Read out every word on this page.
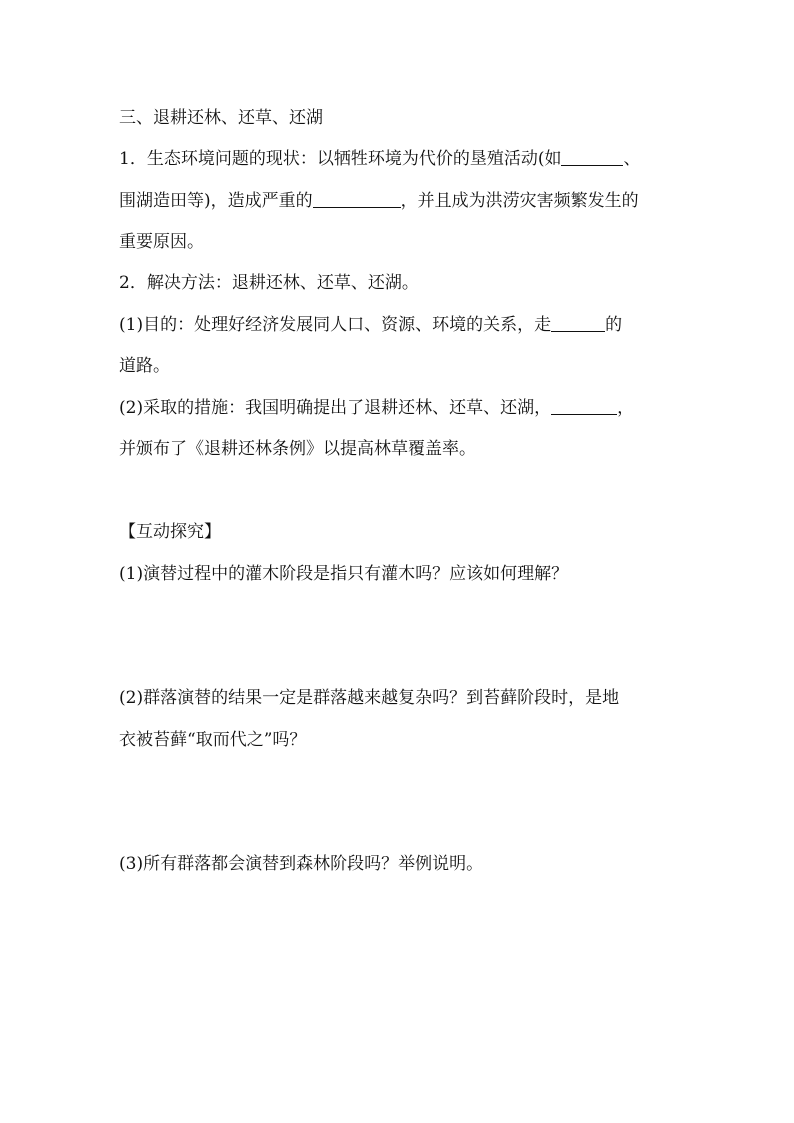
三、退耕还林、还草、还湖
1．生态环境问题的现状：以牺牲环境为代价的垦殖活动(如	、
围湖造田等)，造成严重的	，并且成为洪涝灾害频繁发生的
重要原因。
2．解决方法：退耕还林、还草、还湖。
(1)目的：处理好经济发展同人口、资源、环境的关系，走	的
道路。
(2)采取的措施：我国明确提出了退耕还林、还草、还湖，	，
并颁布了《退耕还林条例》以提高林草覆盖率。
【互动探究】
(1)演替过程中的灌木阶段是指只有灌木吗？应该如何理解？
(2)群落演替的结果一定是群落越来越复杂吗？到苔藓阶段时，是地
衣被苔藓“取而代之”吗？
(3)所有群落都会演替到森林阶段吗？举例说明。
